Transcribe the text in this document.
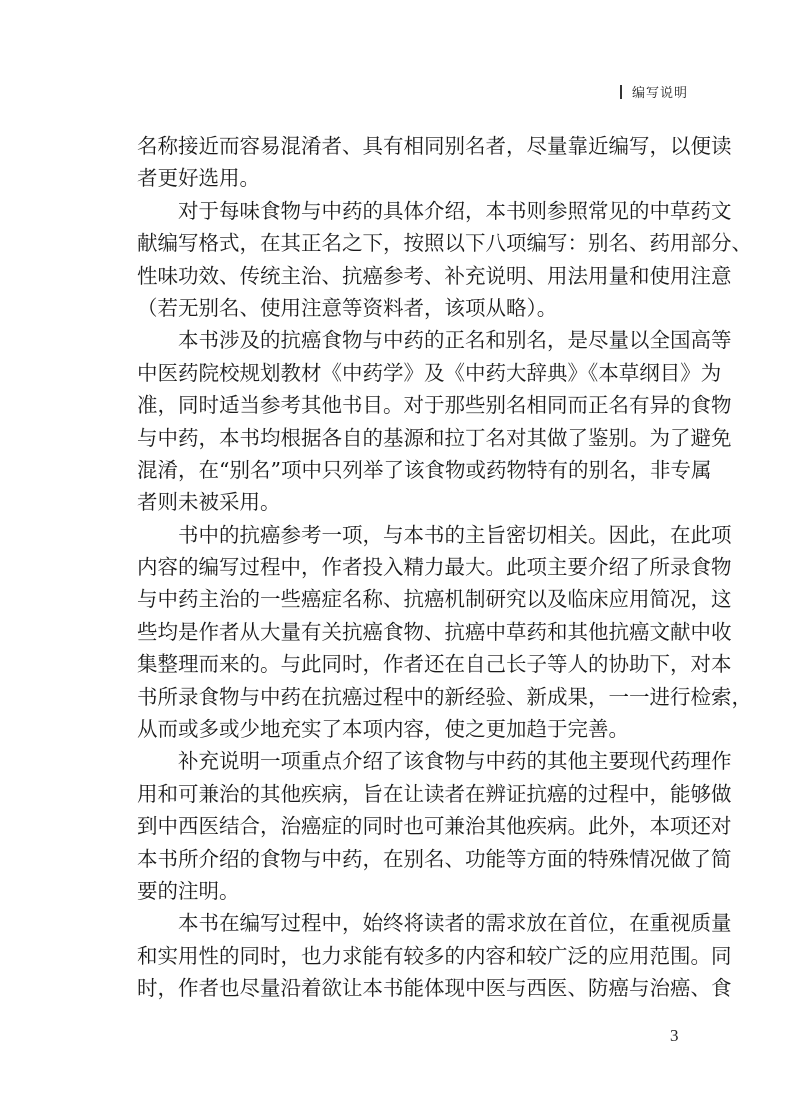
编写说明
名称接近而容易混淆者、具有相同别名者，尽量靠近编写，以便读
者更好选用。
对于每味食物与中药的具体介绍，本书则参照常见的中草药文
献编写格式，在其正名之下，按照以下八项编写：别名、药用部分、
性味功效、传统主治、抗癌参考、补充说明、用法用量和使用注意
（若无别名、使用注意等资料者，该项从略）。
本书涉及的抗癌食物与中药的正名和别名，是尽量以全国高等
中医药院校规划教材《中药学》及《中药大辞典》《本草纲目》为
准，同时适当参考其他书目。对于那些别名相同而正名有异的食物
与中药，本书均根据各自的基源和拉丁名对其做了鉴别。为了避免
混淆，在“别名”项中只列举了该食物或药物特有的别名，非专属
者则未被采用。
书中的抗癌参考一项，与本书的主旨密切相关。因此，在此项
内容的编写过程中，作者投入精力最大。此项主要介绍了所录食物
与中药主治的一些癌症名称、抗癌机制研究以及临床应用简况，这
些均是作者从大量有关抗癌食物、抗癌中草药和其他抗癌文献中收
集整理而来的。与此同时，作者还在自己长子等人的协助下，对本
书所录食物与中药在抗癌过程中的新经验、新成果，一一进行检索，
从而或多或少地充实了本项内容，使之更加趋于完善。
补充说明一项重点介绍了该食物与中药的其他主要现代药理作
用和可兼治的其他疾病，旨在让读者在辨证抗癌的过程中，能够做
到中西医结合，治癌症的同时也可兼治其他疾病。此外，本项还对
本书所介绍的食物与中药，在别名、功能等方面的特殊情况做了简
要的注明。
本书在编写过程中，始终将读者的需求放在首位，在重视质量
和实用性的同时，也力求能有较多的内容和较广泛的应用范围。同
时，作者也尽量沿着欲让本书能体现中医与西医、防癌与治癌、食
3
